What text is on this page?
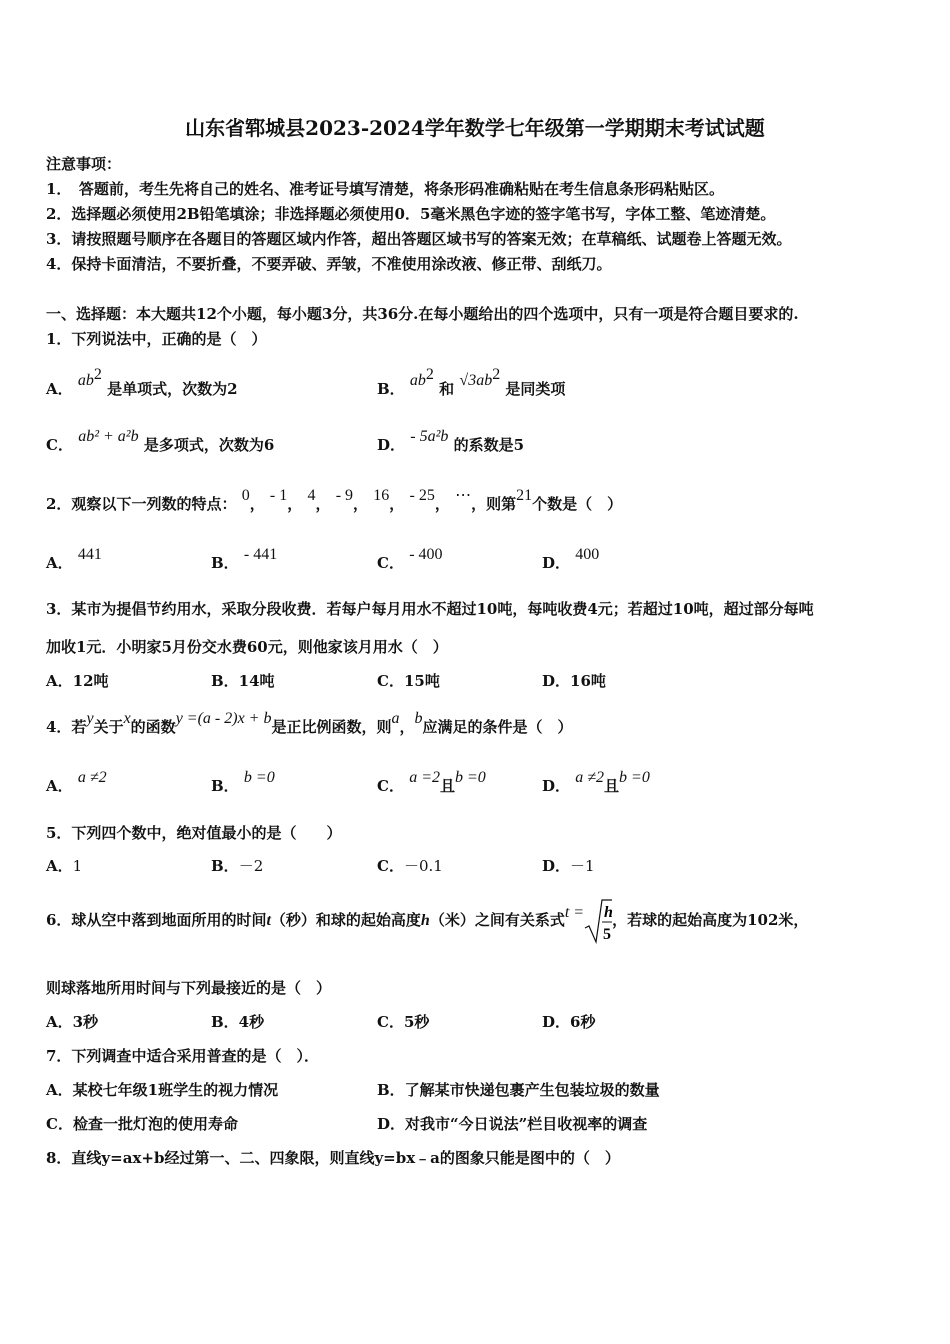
山东省郓城县2023-2024学年数学七年级第一学期期末考试试题
注意事项：
1．　答题前，考生先将自己的姓名、准考证号填写清楚，将条形码准确粘贴在考生信息条形码粘贴区。
2．选择题必须使用2B铅笔填涂；非选择题必须使用0．5毫米黑色字迹的签字笔书写，字体工整、笔迹清楚。
3．请按照题号顺序在各题目的答题区域内作答，超出答题区域书写的答案无效；在草稿纸、试题卷上答题无效。
4．保持卡面清洁，不要折叠，不要弄破、弄皱，不准使用涂改液、修正带、刮纸刀。
一、选择题：本大题共12个小题，每小题3分，共36分.在每小题给出的四个选项中，只有一项是符合题目要求的.
1．下列说法中，正确的是（　）
A． $ab^2$ 是单项式，次数为2	B． $ab^2$ 和 $√3ab^2$ 是同类项
C． ab² + a²b 是多项式，次数为6	D． - 5a²b 的系数是5
2．观察以下一列数的特点： 0， - 1， 4， - 9， 16， - 25， ⋯，则第21个数是（　）
A． 441	B． - 441	C． - 400	D． 400
3．某市为提倡节约用水，采取分段收费．若每户每月用水不超过10吨，每吨收费4元；若超过10吨，超过部分每吨
加收1元．小明家5月份交水费60元，则他家该月用水（　）
A．12吨	B．14吨	C．15吨	D．16吨
4．若y关于x的函数y =(a - 2)x + b是正比例函数，则a，b应满足的条件是（　）
A． a ≠2	B． b =0	C． a =2且b =0	D． a ≠2且b =0
5．下列四个数中，绝对值最小的是（　　）
A．1	B．－2	C．－0.1	D．－1
6．球从空中落到地面所用的时间t（秒）和球的起始高度h（米）之间有关系式t = h
5
，若球的起始高度为102米，
则球落地所用时间与下列最接近的是（　）
A．3秒	B．4秒	C．5秒	D．6秒
7．下列调查中适合采用普查的是（　）．
A．某校七年级1班学生的视力情况	B．了解某市快递包裹产生包装垃圾的数量
C．检查一批灯泡的使用寿命	D．对我市“今日说法”栏目收视率的调查
8．直线y=ax+b经过第一、二、四象限，则直线y=bx﹣a的图象只能是图中的（　）
